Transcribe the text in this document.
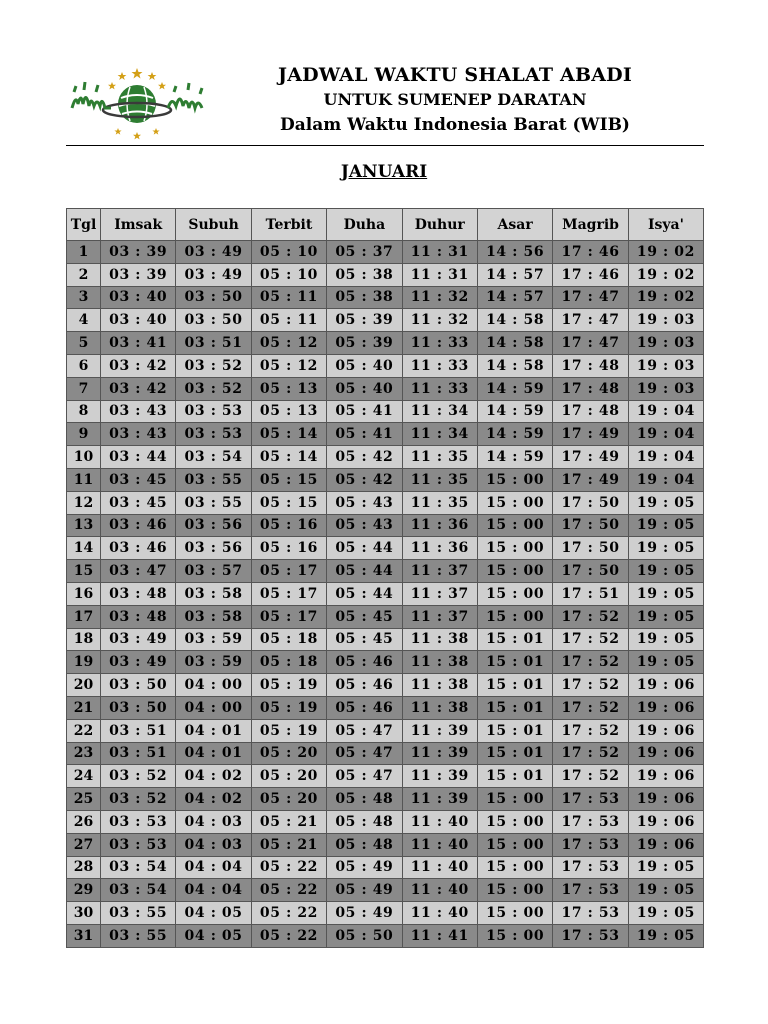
JADWAL WAKTU SHALAT ABADI
UNTUK SUMENEP DARATAN
Dalam Waktu Indonesia Barat (WIB)
JANUARI
Tgl	Imsak	Subuh	Terbit	Duha	Duhur	Asar	Magrib	Isya'
1	03 : 39	03 : 49	05 : 10	05 : 37	11 : 31	14 : 56	17 : 46	19 : 02
2	03 : 39	03 : 49	05 : 10	05 : 38	11 : 31	14 : 57	17 : 46	19 : 02
3	03 : 40	03 : 50	05 : 11	05 : 38	11 : 32	14 : 57	17 : 47	19 : 02
4	03 : 40	03 : 50	05 : 11	05 : 39	11 : 32	14 : 58	17 : 47	19 : 03
5	03 : 41	03 : 51	05 : 12	05 : 39	11 : 33	14 : 58	17 : 47	19 : 03
6	03 : 42	03 : 52	05 : 12	05 : 40	11 : 33	14 : 58	17 : 48	19 : 03
7	03 : 42	03 : 52	05 : 13	05 : 40	11 : 33	14 : 59	17 : 48	19 : 03
8	03 : 43	03 : 53	05 : 13	05 : 41	11 : 34	14 : 59	17 : 48	19 : 04
9	03 : 43	03 : 53	05 : 14	05 : 41	11 : 34	14 : 59	17 : 49	19 : 04
10	03 : 44	03 : 54	05 : 14	05 : 42	11 : 35	14 : 59	17 : 49	19 : 04
11	03 : 45	03 : 55	05 : 15	05 : 42	11 : 35	15 : 00	17 : 49	19 : 04
12	03 : 45	03 : 55	05 : 15	05 : 43	11 : 35	15 : 00	17 : 50	19 : 05
13	03 : 46	03 : 56	05 : 16	05 : 43	11 : 36	15 : 00	17 : 50	19 : 05
14	03 : 46	03 : 56	05 : 16	05 : 44	11 : 36	15 : 00	17 : 50	19 : 05
15	03 : 47	03 : 57	05 : 17	05 : 44	11 : 37	15 : 00	17 : 50	19 : 05
16	03 : 48	03 : 58	05 : 17	05 : 44	11 : 37	15 : 00	17 : 51	19 : 05
17	03 : 48	03 : 58	05 : 17	05 : 45	11 : 37	15 : 00	17 : 52	19 : 05
18	03 : 49	03 : 59	05 : 18	05 : 45	11 : 38	15 : 01	17 : 52	19 : 05
19	03 : 49	03 : 59	05 : 18	05 : 46	11 : 38	15 : 01	17 : 52	19 : 05
20	03 : 50	04 : 00	05 : 19	05 : 46	11 : 38	15 : 01	17 : 52	19 : 06
21	03 : 50	04 : 00	05 : 19	05 : 46	11 : 38	15 : 01	17 : 52	19 : 06
22	03 : 51	04 : 01	05 : 19	05 : 47	11 : 39	15 : 01	17 : 52	19 : 06
23	03 : 51	04 : 01	05 : 20	05 : 47	11 : 39	15 : 01	17 : 52	19 : 06
24	03 : 52	04 : 02	05 : 20	05 : 47	11 : 39	15 : 01	17 : 52	19 : 06
25	03 : 52	04 : 02	05 : 20	05 : 48	11 : 39	15 : 00	17 : 53	19 : 06
26	03 : 53	04 : 03	05 : 21	05 : 48	11 : 40	15 : 00	17 : 53	19 : 06
27	03 : 53	04 : 03	05 : 21	05 : 48	11 : 40	15 : 00	17 : 53	19 : 06
28	03 : 54	04 : 04	05 : 22	05 : 49	11 : 40	15 : 00	17 : 53	19 : 05
29	03 : 54	04 : 04	05 : 22	05 : 49	11 : 40	15 : 00	17 : 53	19 : 05
30	03 : 55	04 : 05	05 : 22	05 : 49	11 : 40	15 : 00	17 : 53	19 : 05
31	03 : 55	04 : 05	05 : 22	05 : 50	11 : 41	15 : 00	17 : 53	19 : 05
